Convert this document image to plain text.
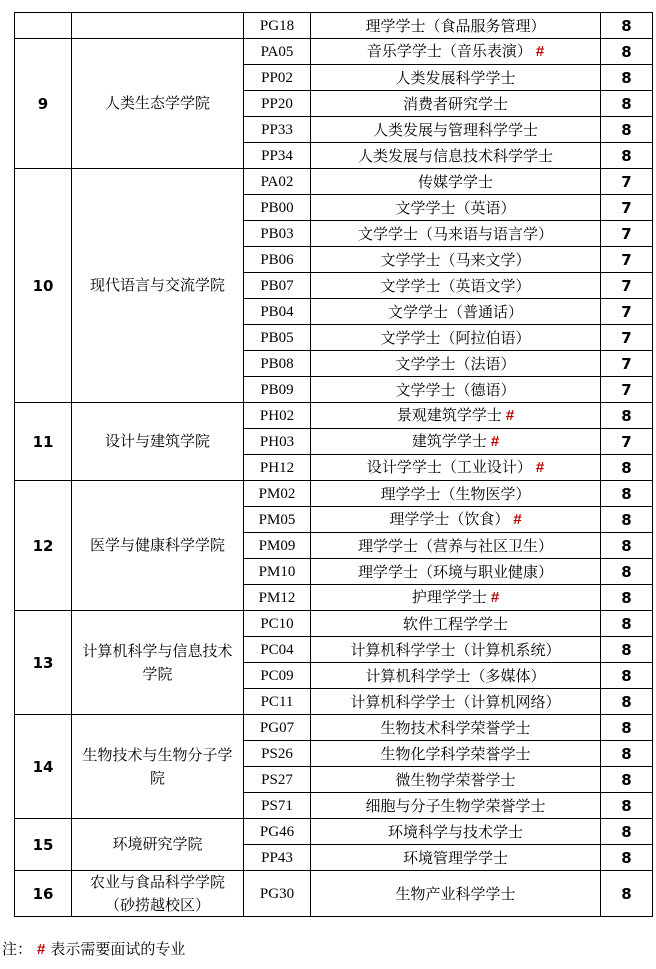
		PG18	理学学士（食品服务管理）	8
9	人类生态学学院	PA05	音乐学学士（音乐表演） #	8
		PP02	人类发展科学学士	8
		PP20	消费者研究学士	8
		PP33	人类发展与管理科学学士	8
		PP34	人类发展与信息技术科学学士	8
10	现代语言与交流学院	PA02	传媒学学士	7
		PB00	文学学士（英语）	7
		PB03	文学学士（马来语与语言学）	7
		PB06	文学学士（马来文学）	7
		PB07	文学学士（英语文学）	7
		PB04	文学学士（普通话）	7
		PB05	文学学士（阿拉伯语）	7
		PB08	文学学士（法语）	7
		PB09	文学学士（德语）	7
11	设计与建筑学院	PH02	景观建筑学学士 #	8
		PH03	建筑学学士 #	7
		PH12	设计学学士（工业设计） #	8
12	医学与健康科学学院	PM02	理学学士（生物医学）	8
		PM05	理学学士（饮食） #	8
		PM09	理学学士（营养与社区卫生）	8
		PM10	理学学士（环境与职业健康）	8
		PM12	护理学学士 #	8
13	计算机科学与信息技术学院	PC10	软件工程学学士	8
		PC04	计算机科学学士（计算机系统）	8
		PC09	计算机科学学士（多媒体）	8
		PC11	计算机科学学士（计算机网络）	8
14	生物技术与生物分子学院	PG07	生物技术科学荣誉学士	8
		PS26	生物化学科学荣誉学士	8
		PS27	微生物学荣誉学士	8
		PS71	细胞与分子生物学荣誉学士	8
15	环境研究学院	PG46	环境科学与技术学士	8
		PP43	环境管理学学士	8
16	农业与食品科学学院（砂捞越校区）	PG30	生物产业科学学士	8
注： # 表示需要面试的专业
